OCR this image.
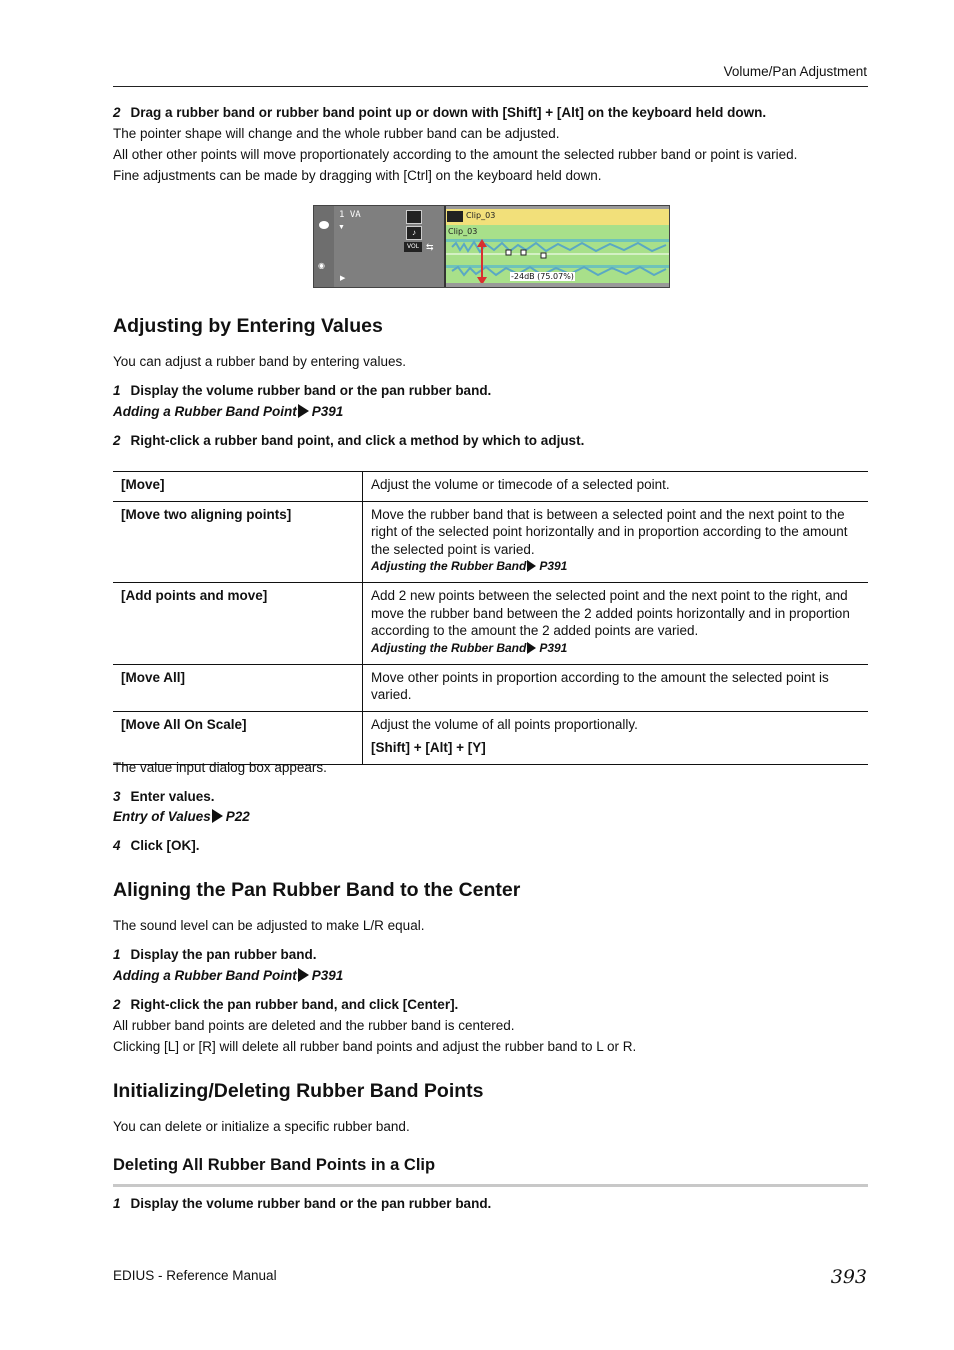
Volume/Pan Adjustment
2 Drag a rubber band or rubber band point up or down with [Shift] + [Alt] on the keyboard held down.
The pointer shape will change and the whole rubber band can be adjusted.
All other other points will move proportionately according to the amount the selected rubber band or point is varied.
Fine adjustments can be made by dragging with [Ctrl] on the keyboard held down.
◉
1 VA
▼
▶
♪
VOL ⇆
Clip_03
Clip_03
-24dB (75.07%)
Adjusting by Entering Values
You can adjust a rubber band by entering values.
1 Display the volume rubber band or the pan rubber band.
Adding a Rubber Band Point P391
2 Right-click a rubber band point, and click a method by which to adjust.
[Move]	Adjust the volume or timecode of a selected point.
[Move two aligning points]	Move the rubber band that is between a selected point and the next point to the right of the selected point horizontally and in proportion according to the amount the selected point is varied.
Adjusting the Rubber Band P391

[Add points and move]	Add 2 new points between the selected point and the next point to the right, and move the rubber band between the 2 added points horizontally and in proportion according to the amount the 2 added points are varied.
Adjusting the Rubber Band P391

[Move All]	Move other points in proportion according to the amount the selected point is varied.

[Move All On Scale]	Adjust the volume of all points proportionally.
[Shift] + [Alt] + [Y]
The value input dialog box appears.
3 Enter values.
Entry of Values P22
4 Click [OK].
Aligning the Pan Rubber Band to the Center
The sound level can be adjusted to make L/R equal.
1 Display the pan rubber band.
Adding a Rubber Band Point P391
2 Right-click the pan rubber band, and click [Center].
All rubber band points are deleted and the rubber band is centered.
Clicking [L] or [R] will delete all rubber band points and adjust the rubber band to L or R.
Initializing/Deleting Rubber Band Points
You can delete or initialize a specific rubber band.
Deleting All Rubber Band Points in a Clip
1 Display the volume rubber band or the pan rubber band.
EDIUS - Reference Manual	393
